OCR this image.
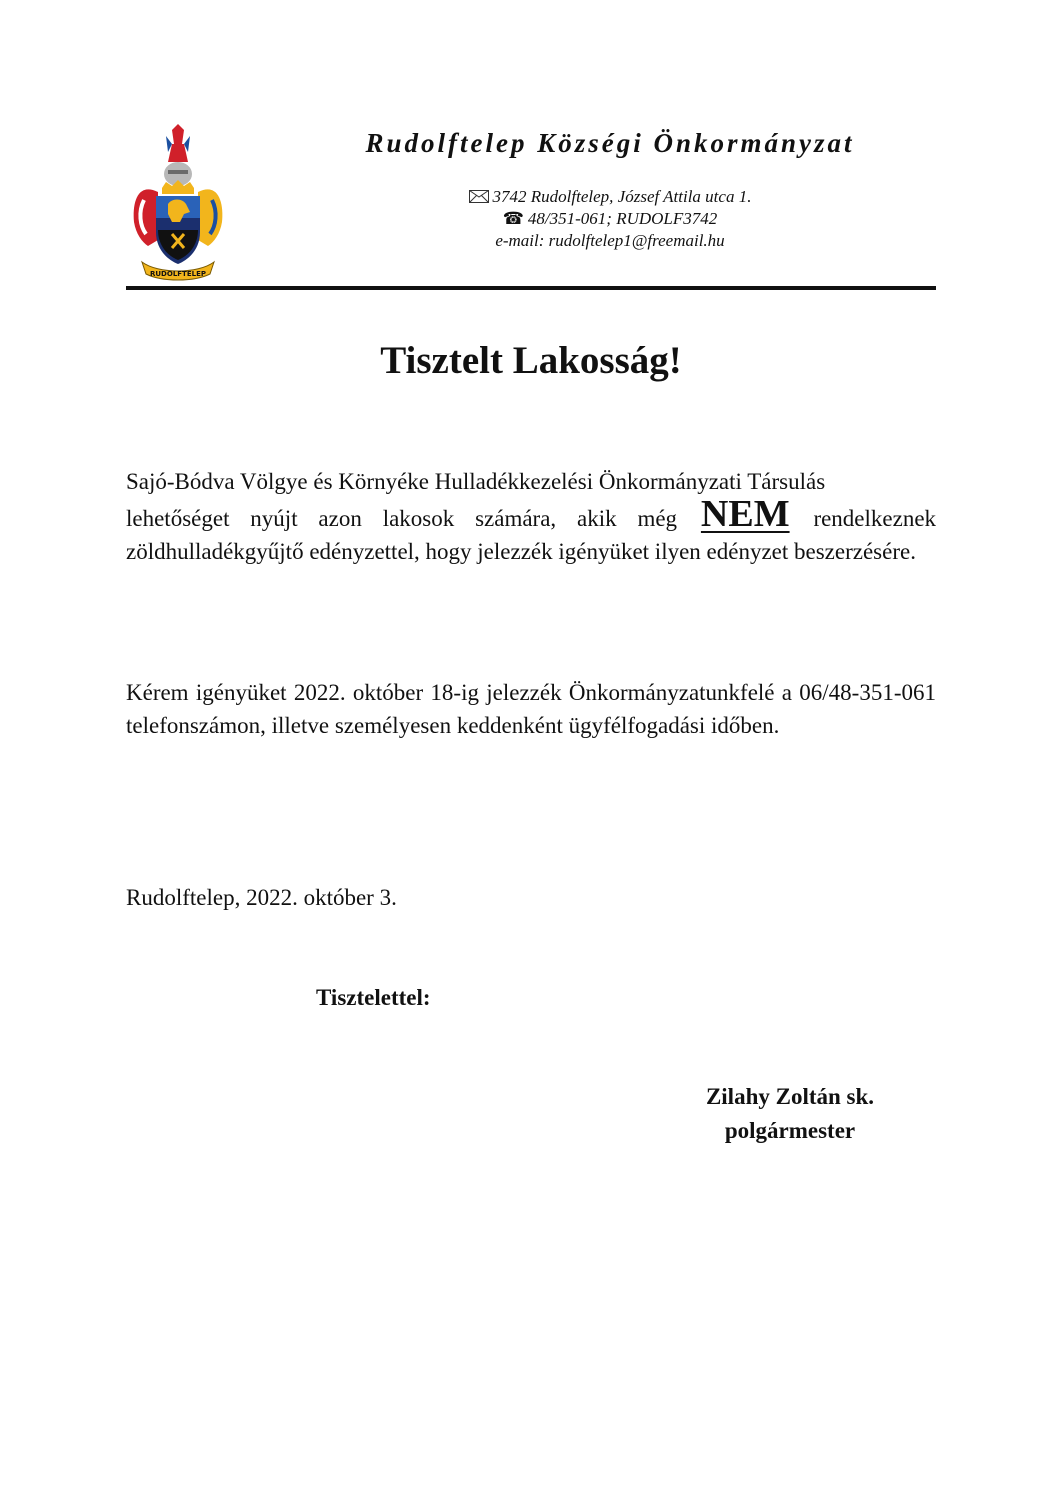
RUDOLFTELEP
Rudolftelep Községi Önkormányzat
3742 Rudolftelep, József Attila utca 1.
☎ 48/351-061; RUDOLF3742
e-mail: rudolftelep1@freemail.hu
Tisztelt Lakosság!
Sajó-Bódva Völgye és Környéke Hulladékkezelési Önkormányzati Társulás
lehetőséget nyújt azon lakosok számára, akik még NEM rendelkeznek zöldhulladékgyűjtő edényzettel, hogy jelezzék igényüket ilyen edényzet beszerzésére.
Kérem igényüket 2022. október 18-ig jelezzék Önkormányzatunkfelé a 06/48-351-061 telefonszámon, illetve személyesen keddenként ügyfélfogadási időben.
Rudolftelep, 2022. október 3.
Tisztelettel:
Zilahy Zoltán sk.
polgármester
